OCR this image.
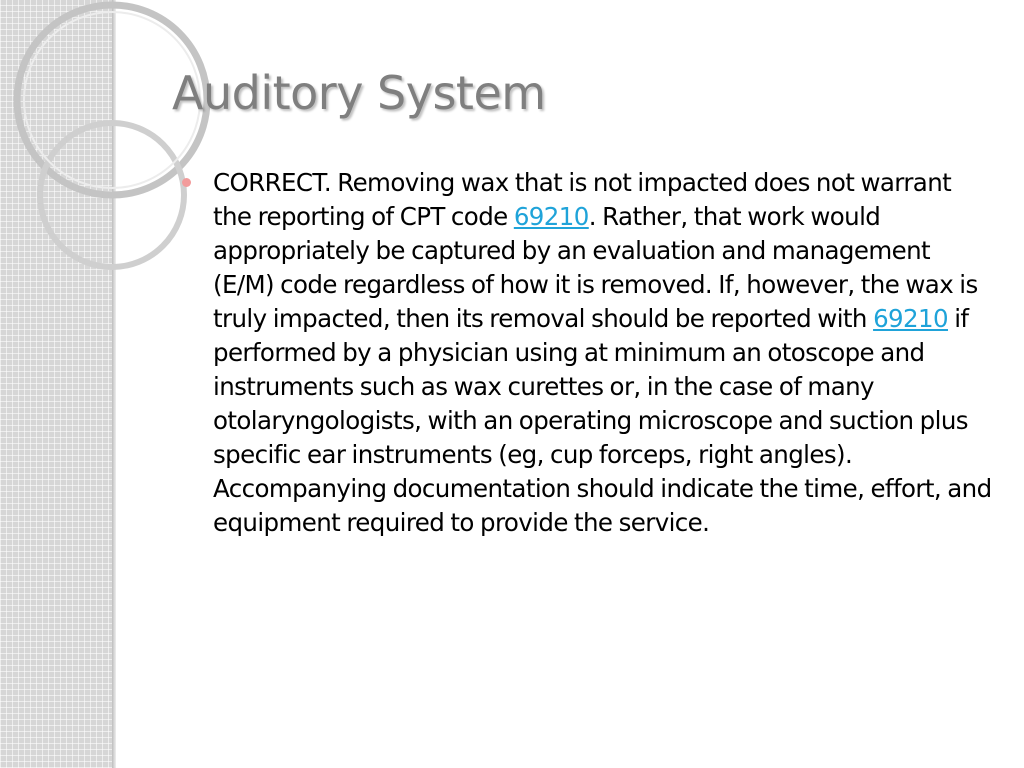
Auditory System

CORRECT. Removing wax that is not impacted does not warrant the reporting of CPT code 69210. Rather, that work would appropriately be captured by an evaluation and management (E/M) code regardless of how it is removed. If, however, the wax is truly impacted, then its removal should be reported with 69210 if performed by a physician using at minimum an otoscope and instruments such as wax curettes or, in the case of many otolaryngologists, with an operating microscope and suction plus specific ear instruments (eg, cup forceps, right angles). Accompanying documentation should indicate the time, effort, and equipment required to provide the service.
